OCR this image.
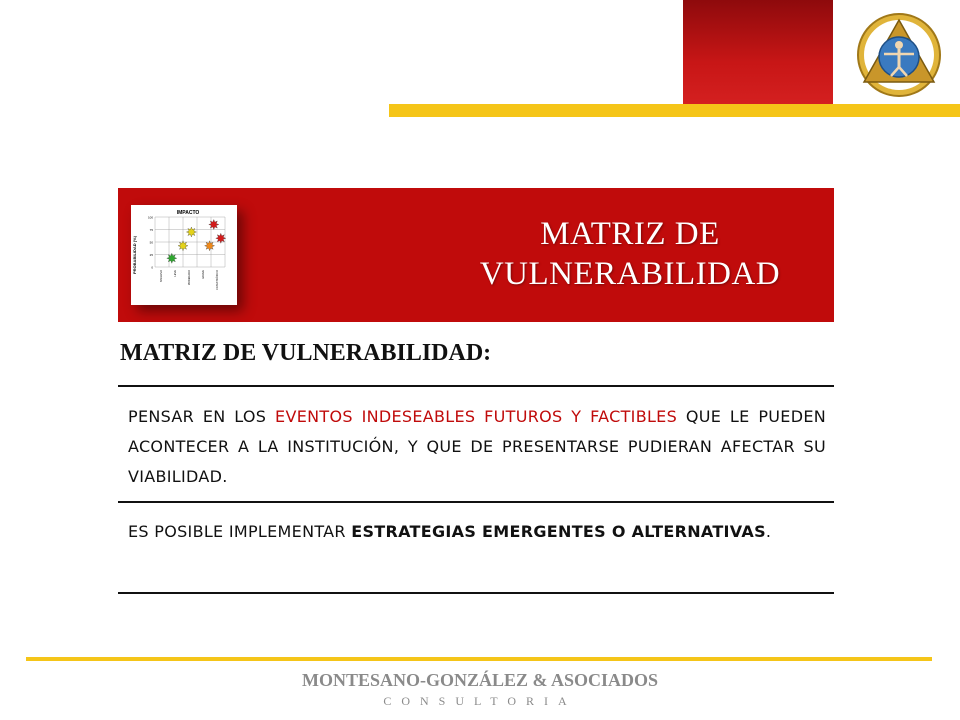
IMPACTO
PROBABILIDAD (%)
100
75
50
25
0
NINGUNO	LEVE	MODERADO	GRAVE	CATASTRÓFICO
MATRIZ DE VULNERABILIDAD
MATRIZ DE VULNERABILIDAD:
PENSAR EN LOS EVENTOS INDESEABLES FUTUROS Y FACTIBLES QUE LE PUEDEN ACONTECER A LA INSTITUCIÓN, Y QUE DE PRESENTARSE PUDIERAN AFECTAR SU VIABILIDAD.
ES POSIBLE IMPLEMENTAR ESTRATEGIAS EMERGENTES O ALTERNATIVAS.
MONTESANO-GONZÁLEZ & ASOCIADOS
CONSULTORIA
